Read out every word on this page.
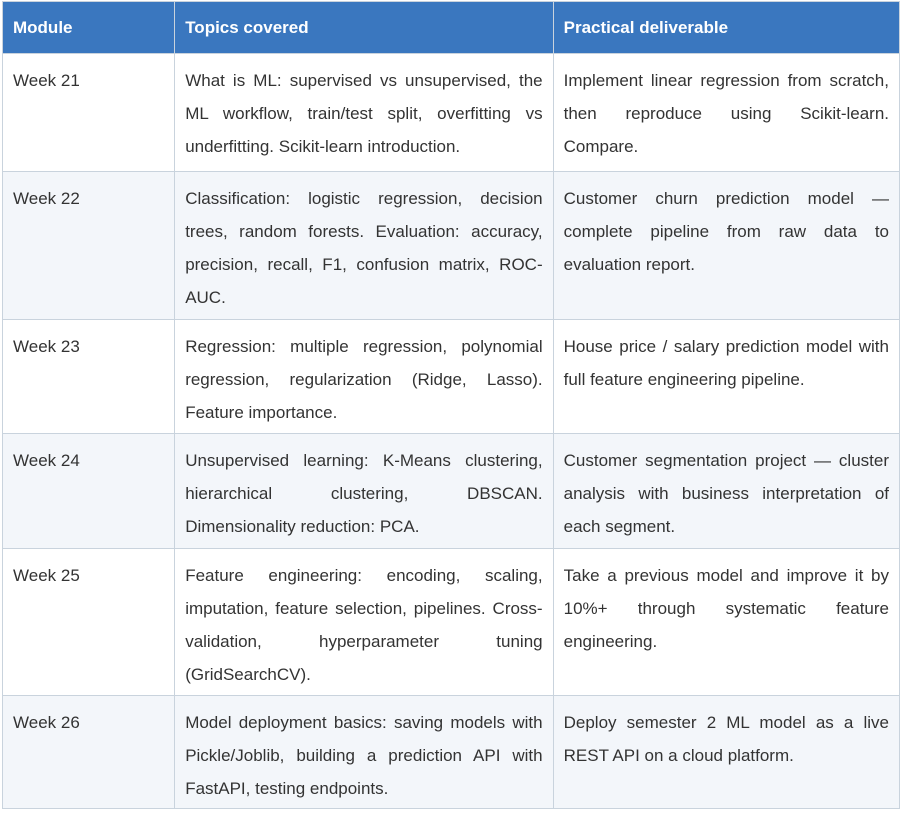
Module	Topics covered	Practical deliverable
Week 21	What is ML: supervised vs unsupervised, the ML workflow, train/test split, overfitting vs underfitting. Scikit-learn introduction.	Implement linear regression from scratch, then reproduce using Scikit-learn. Compare.
Week 22	Classification: logistic regression, decision trees, random forests. Evaluation: accuracy, precision, recall, F1, confusion matrix, ROC-AUC.	Customer churn prediction model — complete pipeline from raw data to evaluation report.
Week 23	Regression: multiple regression, polynomial regression, regularization (Ridge, Lasso). Feature importance.	House price / salary prediction model with full feature engineering pipeline.
Week 24	Unsupervised learning: K-Means clustering, hierarchical clustering, DBSCAN. Dimensionality reduction: PCA.	Customer segmentation project — cluster analysis with business interpretation of each segment.
Week 25	Feature engineering: encoding, scaling, imputation, feature selection, pipelines. Cross-validation, hyperparameter tuning (GridSearchCV).	Take a previous model and improve it by 10%+ through systematic feature engineering.
Week 26	Model deployment basics: saving models with Pickle/Joblib, building a prediction API with FastAPI, testing endpoints.	Deploy semester 2 ML model as a live REST API on a cloud platform.
